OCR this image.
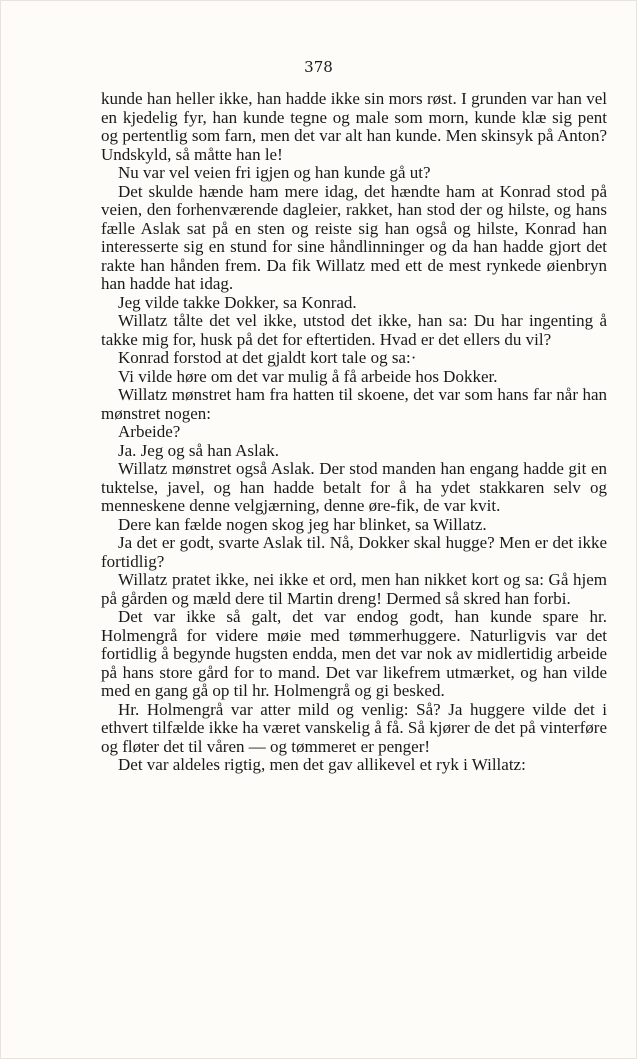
378

kunde han heller ikke, han hadde ikke sin mors røst. I grunden var han vel en kjedelig fyr, han kunde tegne og male som morn, kunde klæ sig pent og pertentlig som farn, men det var alt han kunde. Men skinsyk på Anton? Undskyld, så måtte han le!

Nu var vel veien fri igjen og han kunde gå ut?

Det skulde hænde ham mere idag, det hændte ham at Konrad stod på veien, den forhenværende dagleier, rakket, han stod der og hilste, og hans fælle Aslak sat på en sten og reiste sig han også og hilste, Konrad han interesserte sig en stund for sine håndlinninger og da han hadde gjort det rakte han hånden frem. Da fik Willatz med ett de mest rynkede øienbryn han hadde hat idag.

Jeg vilde takke Dokker, sa Konrad.

Willatz tålte det vel ikke, utstod det ikke, han sa: Du har ingenting å takke mig for, husk på det for eftertiden. Hvad er det ellers du vil?

Konrad forstod at det gjaldt kort tale og sa:·

Vi vilde høre om det var mulig å få arbeide hos Dokker.

Willatz mønstret ham fra hatten til skoene, det var som hans far når han mønstret nogen:

Arbeide?

Ja. Jeg og så han Aslak.

Willatz mønstret også Aslak. Der stod manden han engang hadde git en tuktelse, javel, og han hadde betalt for å ha ydet stakkaren selv og menneskene denne velgjærning, denne øre-fik, de var kvit.

Dere kan fælde nogen skog jeg har blinket, sa Willatz.

Ja det er godt, svarte Aslak til. Nå, Dokker skal hugge? Men er det ikke fortidlig?

Willatz pratet ikke, nei ikke et ord, men han nikket kort og sa: Gå hjem på gården og mæld dere til Martin dreng! Dermed så skred han forbi.

Det var ikke så galt, det var endog godt, han kunde spare hr. Holmengrå for videre møie med tømmerhuggere. Naturligvis var det fortidlig å begynde hugsten endda, men det var nok av midlertidig arbeide på hans store gård for to mand. Det var likefrem utmærket, og han vilde med en gang gå op til hr. Holmengrå og gi besked.

Hr. Holmengrå var atter mild og venlig: Så? Ja huggere vilde det i ethvert tilfælde ikke ha været vanskelig å få. Så kjører de det på vinterføre og fløter det til våren — og tømmeret er penger!

Det var aldeles rigtig, men det gav allikevel et ryk i Willatz:
